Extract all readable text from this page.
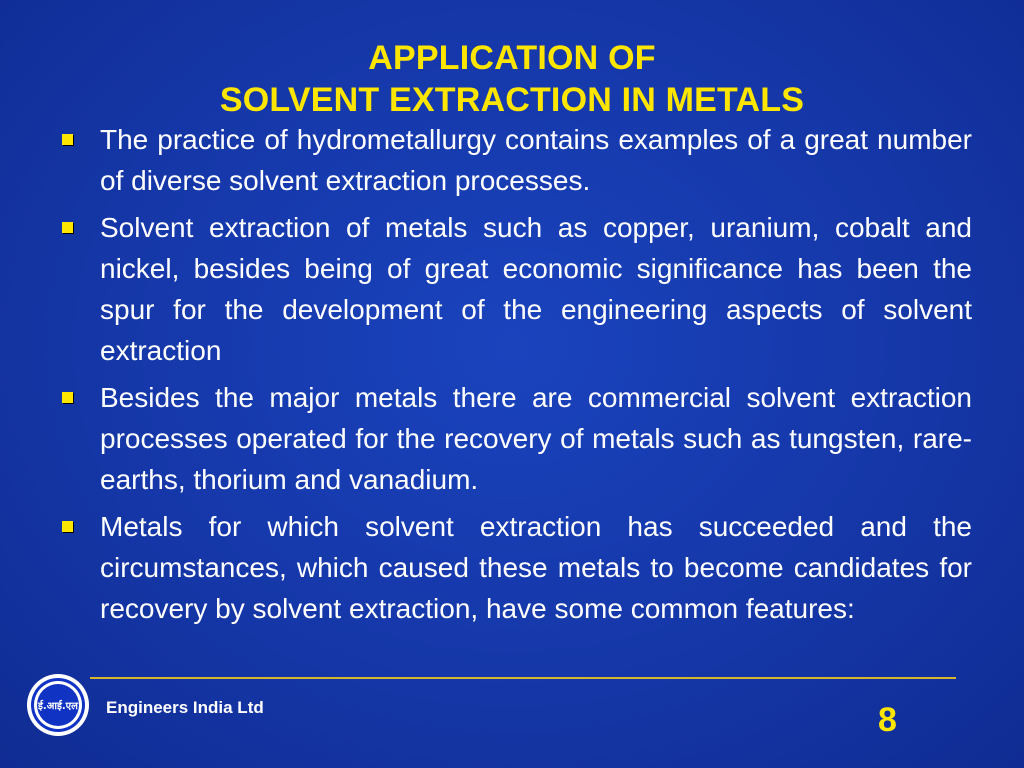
APPLICATION OF
SOLVENT EXTRACTION IN METALS
The practice of hydrometallurgy contains examples of a great number of diverse solvent extraction processes.
Solvent extraction of metals such as copper, uranium, cobalt and nickel, besides being of great economic significance has been the spur for the development of the engineering aspects of solvent extraction
Besides the major metals there are commercial solvent extraction processes operated for the recovery of metals such as tungsten, rare-earths, thorium and vanadium.
Metals for which solvent extraction has succeeded and the circumstances, which caused these metals to become candidates for recovery by solvent extraction, have some common features:
ई.आई.एल Engineers India Ltd	8
